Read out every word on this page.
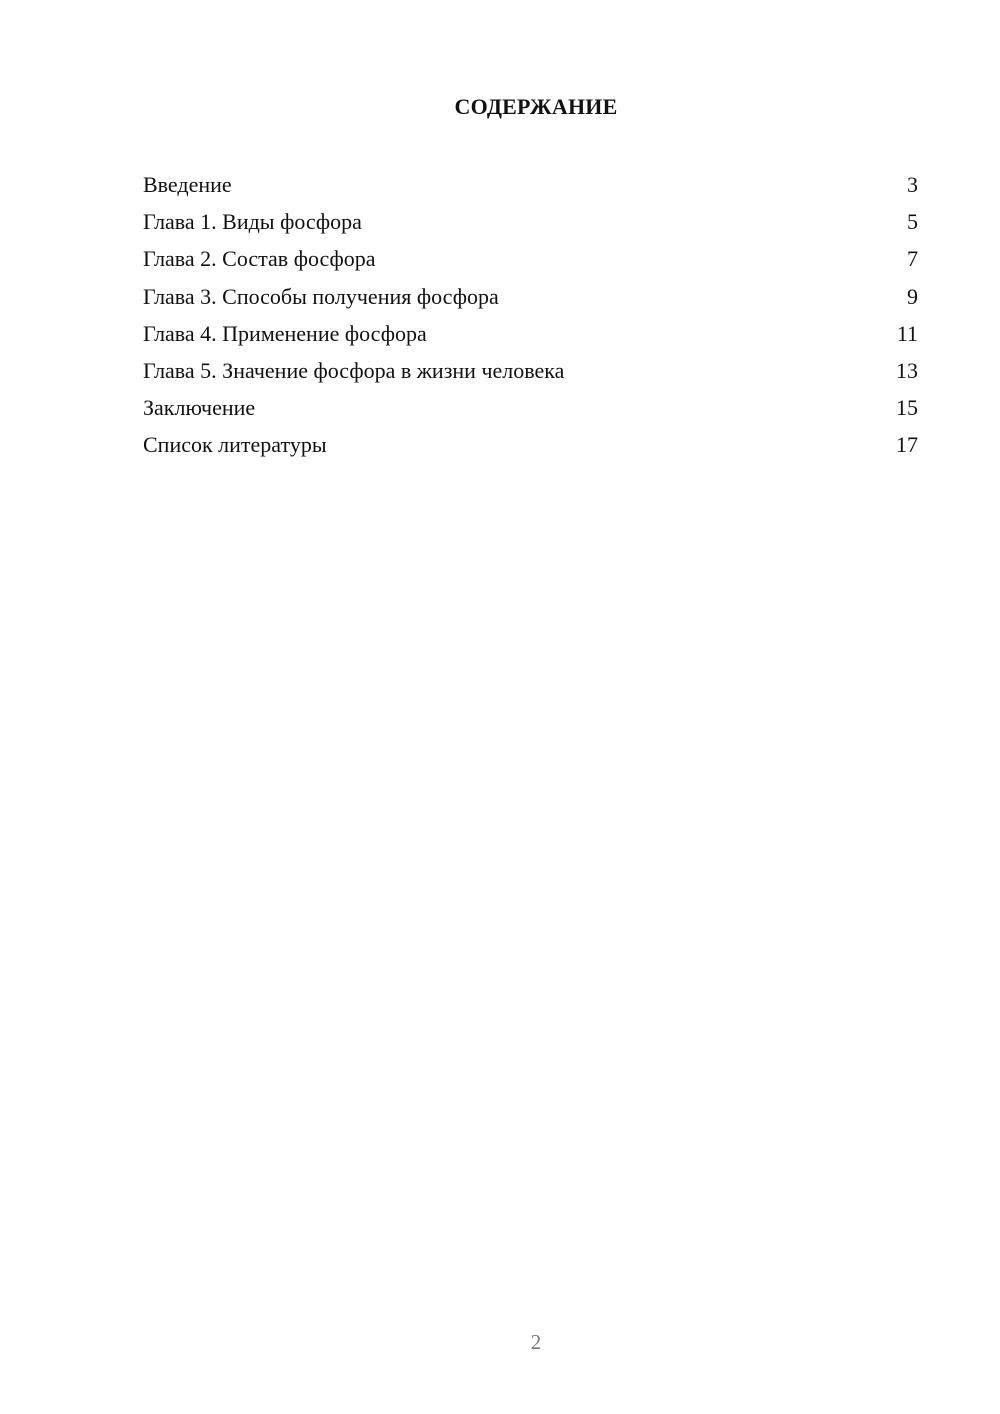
СОДЕРЖАНИЕ
Введение	3
Глава 1. Виды фосфора	5
Глава 2. Состав фосфора	7
Глава 3. Способы получения фосфора	9
Глава 4. Применение фосфора	11
Глава 5. Значение фосфора в жизни человека	13
Заключение	15
Список литературы	17

2
